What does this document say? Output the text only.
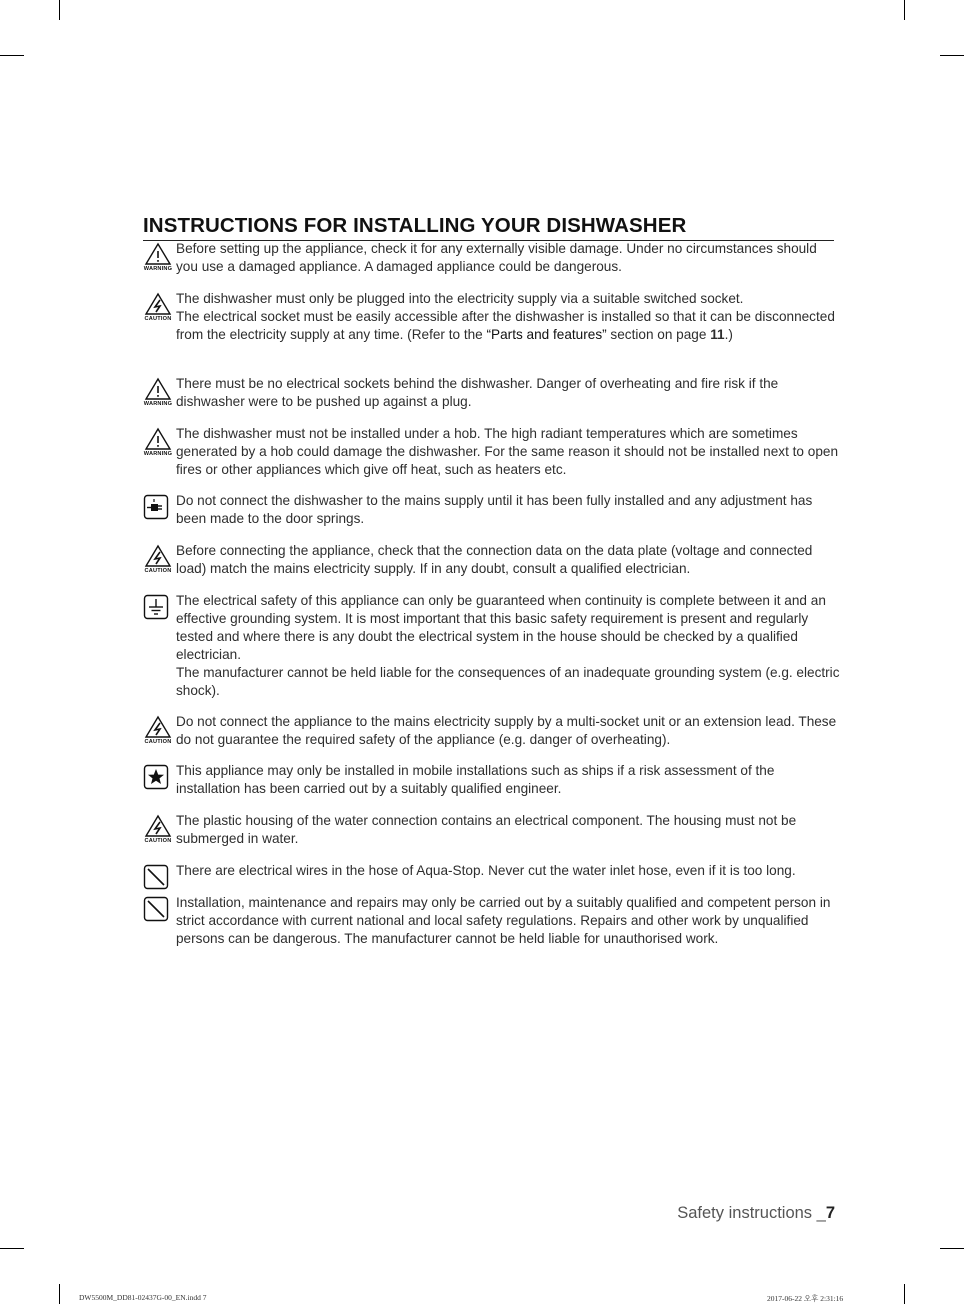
INSTRUCTIONS FOR INSTALLING YOUR DISHWASHER
WARNING

Before setting up the appliance, check it for any externally visible damage. Under no circumstances should you use a damaged appliance. A damaged appliance could be dangerous.

CAUTION

The dishwasher must only be plugged into the electricity supply via a suitable switched socket.

The electrical socket must be easily accessible after the dishwasher is installed so that it can be disconnected from the electricity supply at any time. (Refer to the “Parts and features” section on page 11.)

WARNING

There must be no electrical sockets behind the dishwasher. Danger of overheating and fire risk if the dishwasher were to be pushed up against a plug.

WARNING

The dishwasher must not be installed under a hob. The high radiant temperatures which are sometimes generated by a hob could damage the dishwasher. For the same reason it should not be installed next to open fires or other appliances which give off heat, such as heaters etc.

Do not connect the dishwasher to the mains supply until it has been fully installed and any adjustment has been made to the door springs.

CAUTION

Before connecting the appliance, check that the connection data on the data plate (voltage and connected load) match the mains electricity supply. If in any doubt, consult a qualified electrician.

The electrical safety of this appliance can only be guaranteed when continuity is complete between it and an effective grounding system. It is most important that this basic safety requirement is present and regularly tested and where there is any doubt the electrical system in the house should be checked by a qualified electrician.

The manufacturer cannot be held liable for the consequences of an inadequate grounding system (e.g. electric shock).

CAUTION

Do not connect the appliance to the mains electricity supply by a multi-socket unit or an extension lead. These do not guarantee the required safety of the appliance (e.g. danger of overheating).

This appliance may only be installed in mobile installations such as ships if a risk assessment of the installation has been carried out by a suitably qualified engineer.

CAUTION

The plastic housing of the water connection contains an electrical component. The housing must not be submerged in water.

There are electrical wires in the hose of Aqua-Stop. Never cut the water inlet hose, even if it is too long.

Installation, maintenance and repairs may only be carried out by a suitably qualified and competent person in strict accordance with current national and local safety regulations. Repairs and other work by unqualified persons can be dangerous. The manufacturer cannot be held liable for unauthorised work.

Safety instructions _7
DW5500M_DD81-02437G-00_EN.indd 7	2017-06-22 오후 2:31:16
